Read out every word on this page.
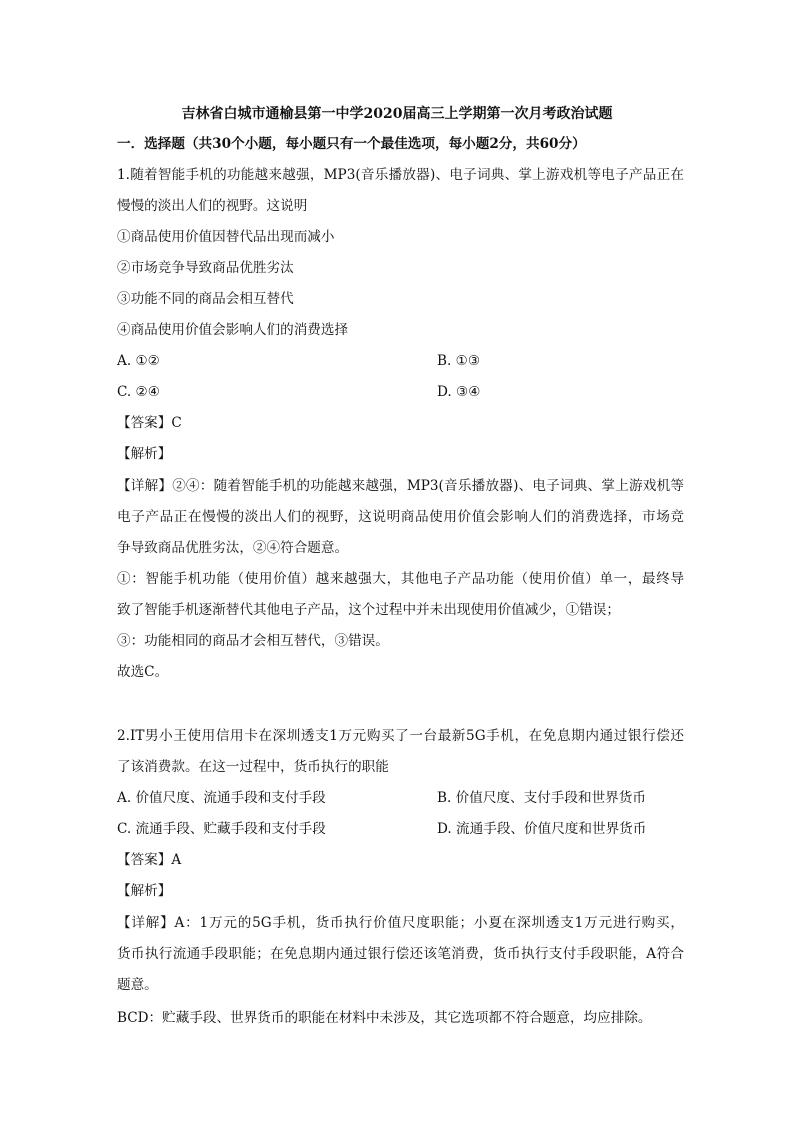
吉林省白城市通榆县第一中学2020届高三上学期第一次月考政治试题
一．选择题（共30个小题，每小题只有一个最佳选项，每小题2分，共60分）
1.随着智能手机的功能越来越强，MP3(音乐播放器)、电子词典、掌上游戏机等电子产品正在
慢慢的淡出人们的视野。这说明
①商品使用价值因替代品出现而减小
②市场竞争导致商品优胜劣汰
③功能不同的商品会相互替代
④商品使用价值会影响人们的消费选择
A. ①②	B. ①③
C. ②④	D. ③④
【答案】C
【解析】
【详解】②④：随着智能手机的功能越来越强，MP3(音乐播放器)、电子词典、掌上游戏机等
电子产品正在慢慢的淡出人们的视野，这说明商品使用价值会影响人们的消费选择，市场竞
争导致商品优胜劣汰，②④符合题意。
①：智能手机功能（使用价值）越来越强大，其他电子产品功能（使用价值）单一，最终导
致了智能手机逐渐替代其他电子产品，这个过程中并未出现使用价值减少，①错误；
③：功能相同的商品才会相互替代，③错误。
故选C。
2.IT男小王使用信用卡在深圳透支1万元购买了一台最新5G手机，在免息期内通过银行偿还
了该消费款。在这一过程中，货币执行的职能
A. 价值尺度、流通手段和支付手段	B. 价值尺度、支付手段和世界货币
C. 流通手段、贮藏手段和支付手段	D. 流通手段、价值尺度和世界货币
【答案】A
【解析】
【详解】A：1万元的5G手机，货币执行价值尺度职能；小夏在深圳透支1万元进行购买，
货币执行流通手段职能；在免息期内通过银行偿还该笔消费，货币执行支付手段职能，A符合
题意。
BCD：贮藏手段、世界货币的职能在材料中未涉及，其它选项都不符合题意，均应排除。
